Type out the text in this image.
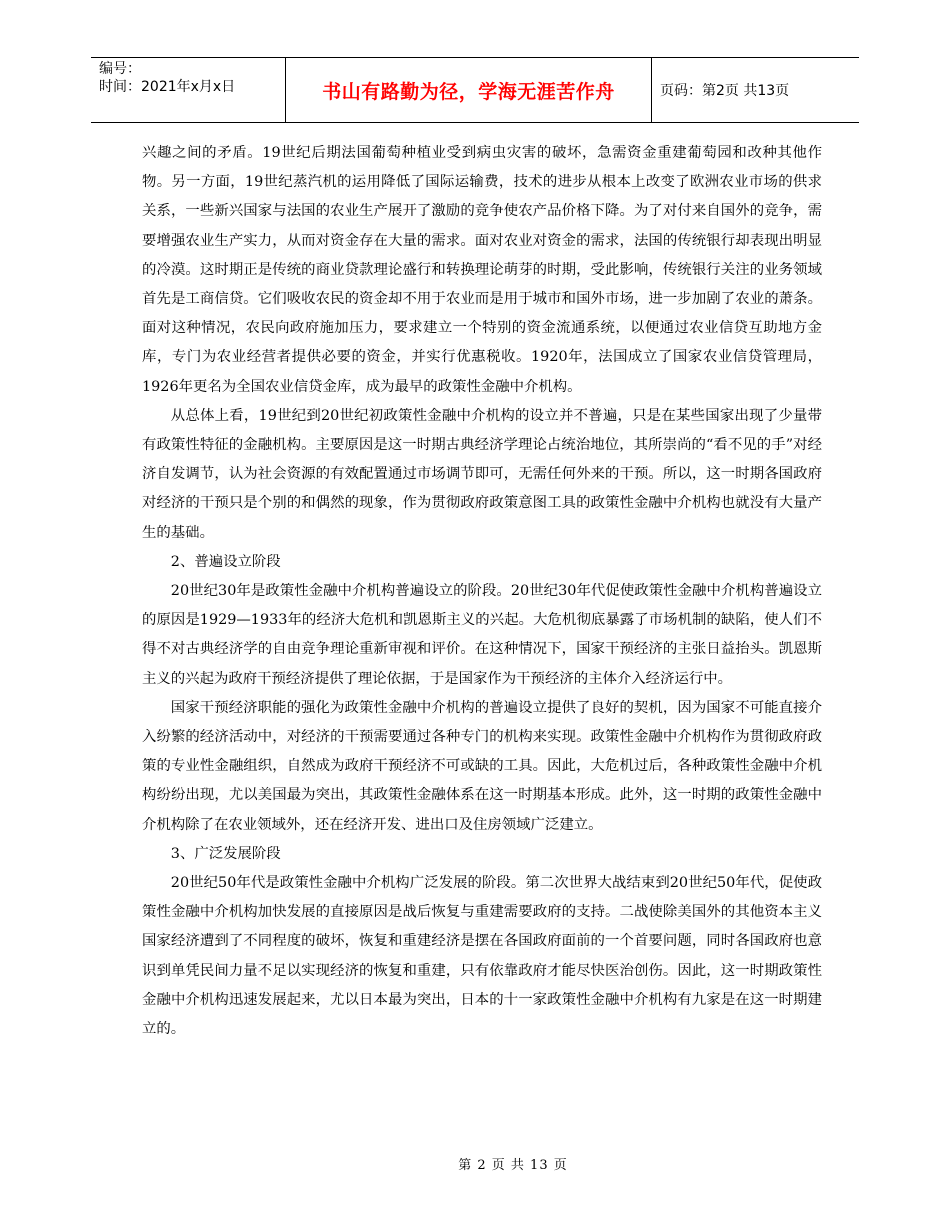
编号：
时间：2021年x月x日	书山有路勤为径，学海无涯苦作舟	页码：第2页 共13页

兴趣之间的矛盾。19世纪后期法国葡萄种植业受到病虫灾害的破坏，急需资金重建葡萄园和改种其他作物。另一方面，19世纪蒸汽机的运用降低了国际运输费，技术的进步从根本上改变了欧洲农业市场的供求关系，一些新兴国家与法国的农业生产展开了激励的竞争使农产品价格下降。为了对付来自国外的竞争，需要增强农业生产实力，从而对资金存在大量的需求。面对农业对资金的需求，法国的传统银行却表现出明显的冷漠。这时期正是传统的商业贷款理论盛行和转换理论萌芽的时期，受此影响，传统银行关注的业务领域首先是工商信贷。它们吸收农民的资金却不用于农业而是用于城市和国外市场，进一步加剧了农业的萧条。面对这种情况，农民向政府施加压力，要求建立一个特别的资金流通系统，以便通过农业信贷互助地方金库，专门为农业经营者提供必要的资金，并实行优惠税收。1920年，法国成立了国家农业信贷管理局，1926年更名为全国农业信贷金库，成为最早的政策性金融中介机构。

从总体上看，19世纪到20世纪初政策性金融中介机构的设立并不普遍，只是在某些国家出现了少量带有政策性特征的金融机构。主要原因是这一时期古典经济学理论占统治地位，其所崇尚的“看不见的手”对经济自发调节，认为社会资源的有效配置通过市场调节即可，无需任何外来的干预。所以，这一时期各国政府对经济的干预只是个别的和偶然的现象，作为贯彻政府政策意图工具的政策性金融中介机构也就没有大量产生的基础。

2、普遍设立阶段

20世纪30年是政策性金融中介机构普遍设立的阶段。20世纪30年代促使政策性金融中介机构普遍设立的原因是1929—1933年的经济大危机和凯恩斯主义的兴起。大危机彻底暴露了市场机制的缺陷，使人们不得不对古典经济学的自由竞争理论重新审视和评价。在这种情况下，国家干预经济的主张日益抬头。凯恩斯主义的兴起为政府干预经济提供了理论依据，于是国家作为干预经济的主体介入经济运行中。

国家干预经济职能的强化为政策性金融中介机构的普遍设立提供了良好的契机，因为国家不可能直接介入纷繁的经济活动中，对经济的干预需要通过各种专门的机构来实现。政策性金融中介机构作为贯彻政府政策的专业性金融组织，自然成为政府干预经济不可或缺的工具。因此，大危机过后，各种政策性金融中介机构纷纷出现，尤以美国最为突出，其政策性金融体系在这一时期基本形成。此外，这一时期的政策性金融中介机构除了在农业领域外，还在经济开发、进出口及住房领域广泛建立。

3、广泛发展阶段

20世纪50年代是政策性金融中介机构广泛发展的阶段。第二次世界大战结束到20世纪50年代，促使政策性金融中介机构加快发展的直接原因是战后恢复与重建需要政府的支持。二战使除美国外的其他资本主义国家经济遭到了不同程度的破坏，恢复和重建经济是摆在各国政府面前的一个首要问题，同时各国政府也意识到单凭民间力量不足以实现经济的恢复和重建，只有依靠政府才能尽快医治创伤。因此，这一时期政策性金融中介机构迅速发展起来，尤以日本最为突出，日本的十一家政策性金融中介机构有九家是在这一时期建立的。

第 2 页 共 13 页
